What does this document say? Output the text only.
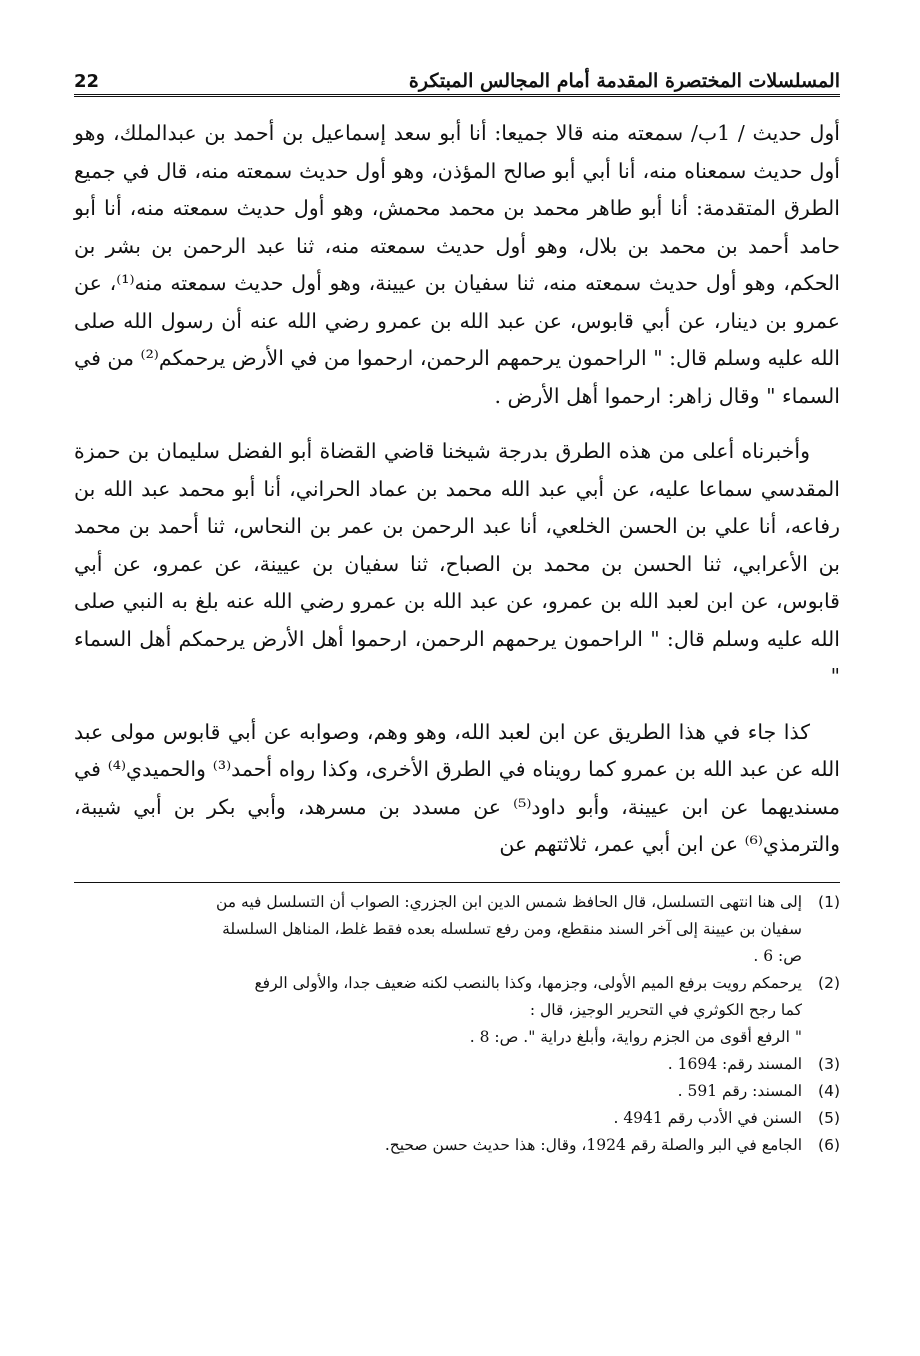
المسلسلات المختصرة المقدمة أمام المجالس المبتكرة
22

أول حديث / 1ب/ سمعته منه قالا جميعا: أنا أبو سعد إسماعيل بن أحمد بن عبدالملك، وهو أول حديث سمعناه منه، أنا أبي أبو صالح المؤذن، وهو أول حديث سمعته منه، قال في جميع الطرق المتقدمة: أنا أبو طاهر محمد بن محمد محمش، وهو أول حديث سمعته منه، أنا أبو حامد أحمد بن محمد بن بلال، وهو أول حديث سمعته منه، ثنا عبد الرحمن بن بشر بن الحكم، وهو أول حديث سمعته منه، ثنا سفيان بن عيينة، وهو أول حديث سمعته منه⁽¹⁾، عن عمرو بن دينار، عن أبي قابوس، عن عبد الله بن عمرو رضي الله عنه أن رسول الله صلى الله عليه وسلم قال: " الراحمون يرحمهم الرحمن، ارحموا من في الأرض يرحمكم⁽²⁾ من في السماء " وقال زاهر: ارحموا أهل الأرض .

وأخبرناه أعلى من هذه الطرق بدرجة شيخنا قاضي القضاة أبو الفضل سليمان بن حمزة المقدسي سماعا عليه، عن أبي عبد الله محمد بن عماد الحراني، أنا أبو محمد عبد الله بن رفاعه، أنا علي بن الحسن الخلعي، أنا عبد الرحمن بن عمر بن النحاس، ثنا أحمد بن محمد بن الأعرابي، ثنا الحسن بن محمد بن الصباح، ثنا سفيان بن عيينة، عن عمرو، عن أبي قابوس، عن ابن لعبد الله بن عمرو، عن عبد الله بن عمرو رضي الله عنه بلغ به النبي صلى الله عليه وسلم قال: " الراحمون يرحمهم الرحمن، ارحموا أهل الأرض يرحمكم أهل السماء "

كذا جاء في هذا الطريق عن ابن لعبد الله، وهو وهم، وصوابه عن أبي قابوس مولى عبد الله عن عبد الله بن عمرو كما رويناه في الطرق الأخرى، وكذا رواه أحمد⁽³⁾ والحميدي⁽⁴⁾ في مسنديهما عن ابن عيينة، وأبو داود⁽⁵⁾ عن مسدد بن مسرهد، وأبي بكر بن أبي شيبة، والترمذي⁽⁶⁾ عن ابن أبي عمر، ثلاثتهم عن

(1)
إلى هنا انتهى التسلسل، قال الحافظ شمس الدين ابن الجزري: الصواب أن التسلسل فيه من
سفيان بن عيينة إلى آخر السند منقطع، ومن رفع تسلسله بعده فقط غلط، المناهل السلسلة
ص: 6 .
(2)
يرحمكم رويت برفع الميم الأولى، وجزمها، وكذا بالنصب لكنه ضعيف جدا، والأولى الرفع
كما رجح الكوثري في التحرير الوجيز، قال :
" الرفع أقوى من الجزم رواية، وأبلغ دراية ". ص: 8 .
(3)
المسند رقم: 1694 .
(4)
المسند: رقم 591 .
(5)
السنن في الأدب رقم 4941 .
(6)
الجامع في البر والصلة رقم 1924، وقال: هذا حديث حسن صحيح.
